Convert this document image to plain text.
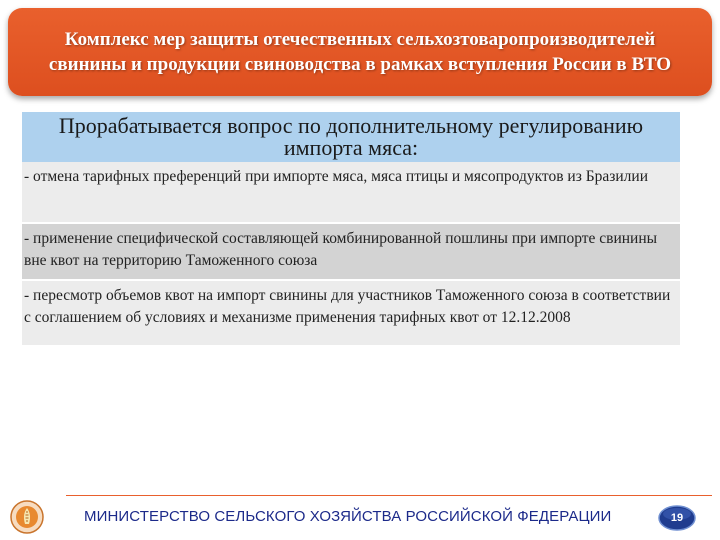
Комплекс мер защиты отечественных сельхозтоваропроизводителей свинины и продукции свиноводства в рамках вступления России в ВТО
Прорабатывается вопрос по дополнительному регулированию импорта мяса:
- отмена тарифных преференций при импорте мяса, мяса птицы и мясопродуктов из Бразилии
- применение специфической составляющей комбинированной пошлины при импорте свинины вне квот на территорию Таможенного союза
- пересмотр объемов квот на импорт свинины для участников Таможенного союза в соответствии с соглашением об условиях и механизме применения тарифных квот от 12.12.2008
МИНИСТЕРСТВО СЕЛЬСКОГО ХОЗЯЙСТВА РОССИЙСКОЙ ФЕДЕРАЦИИ	19
